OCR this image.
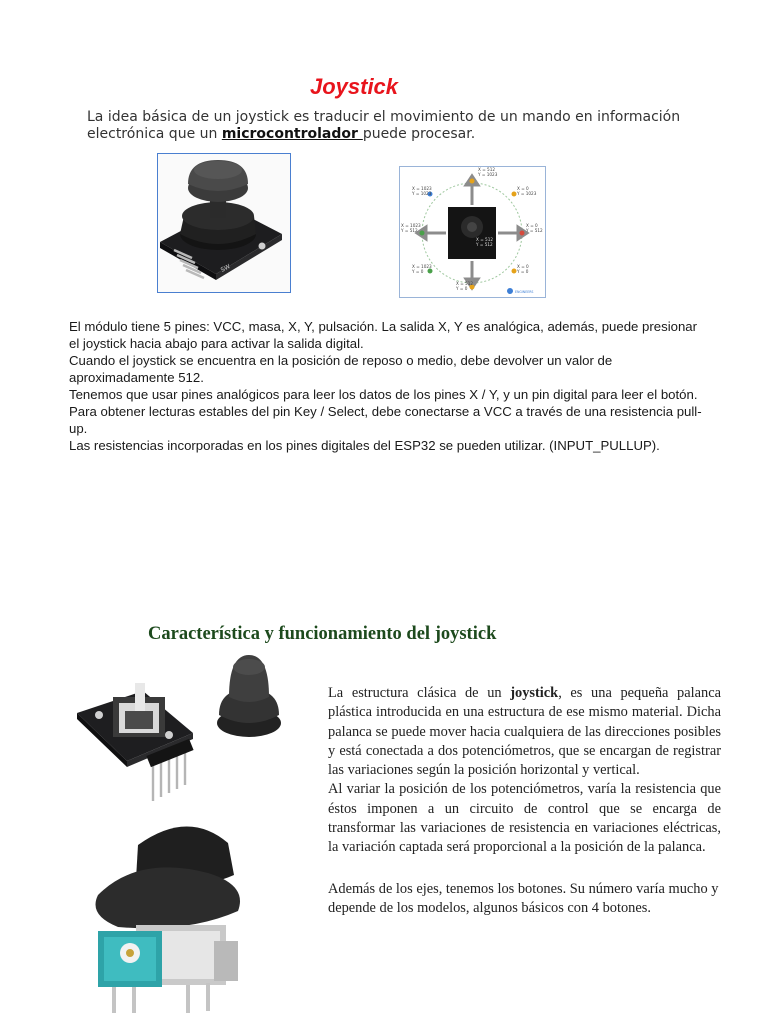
Joystick
La idea básica de un joystick es traducir el movimiento de un mando en información electrónica que un microcontrolador puede procesar.
SW
ENGINEERS
X = 512
Y = 1023
X = 1023
Y = 1023
X = 0
Y = 1023
X = 1023
Y = 512
X = 0
Y = 512
X = 512
Y = 512
X = 1023
Y = 0
X = 0
Y = 0
X = 512
Y = 0

El módulo tiene 5 pines: VCC, masa, X, Y, pulsación. La salida X, Y es analógica, además, puede presionar el joystick hacia abajo para activar la salida digital.

Cuando el joystick se encuentra en la posición de reposo o medio, debe devolver un valor de aproximadamente 512.

Tenemos que usar pines analógicos para leer los datos de los pines X / Y, y un pin digital para leer el botón. Para obtener lecturas estables del pin Key / Select, debe conectarse a VCC a través de una resistencia pull-up.

Las resistencias incorporadas en los pines digitales del ESP32 se pueden utilizar. (INPUT_PULLUP).

Característica y funcionamiento del joystick

La estructura clásica de un joystick, es una pequeña palanca plástica introducida en una estructura de ese mismo material. Dicha palanca se puede mover hacia cualquiera de las direcciones posibles y está conectada a dos potenciómetros, que se encargan de registrar las variaciones según la posición horizontal y vertical.

Al variar la posición de los potenciómetros, varía la resistencia que éstos imponen a un circuito de control que se encarga de transformar las variaciones de resistencia en variaciones eléctricas, la variación captada será proporcional a la posición de la palanca.

Además de los ejes, tenemos los botones. Su número varía mucho y depende de los modelos, algunos básicos con 4 botones.
